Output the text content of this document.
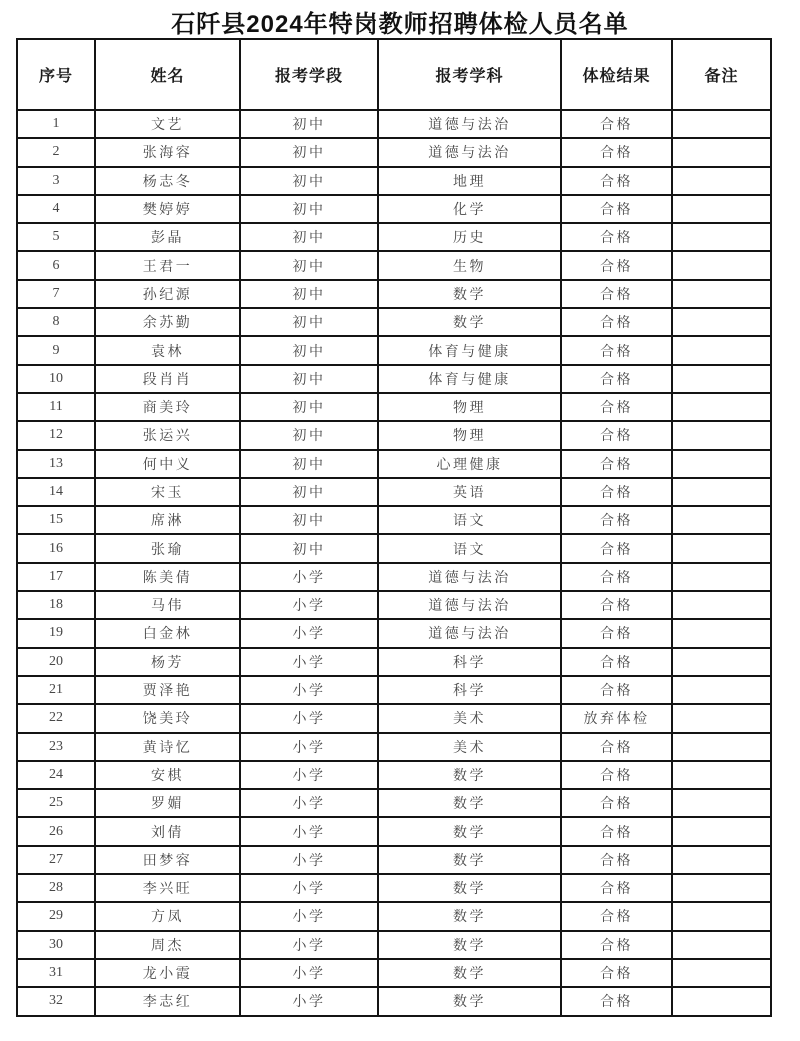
石阡县2024年特岗教师招聘体检人员名单
序号	姓名	报考学段	报考学科	体检结果	备注
1	文艺	初中	道德与法治	合格	
2	张海容	初中	道德与法治	合格	
3	杨志冬	初中	地理	合格	
4	樊婷婷	初中	化学	合格	
5	彭晶	初中	历史	合格	
6	王君一	初中	生物	合格	
7	孙纪源	初中	数学	合格	
8	余苏勤	初中	数学	合格	
9	袁林	初中	体育与健康	合格	
10	段肖肖	初中	体育与健康	合格	
11	商美玲	初中	物理	合格	
12	张运兴	初中	物理	合格	
13	何中义	初中	心理健康	合格	
14	宋玉	初中	英语	合格	
15	席淋	初中	语文	合格	
16	张瑜	初中	语文	合格	
17	陈美倩	小学	道德与法治	合格	
18	马伟	小学	道德与法治	合格	
19	白金林	小学	道德与法治	合格	
20	杨芳	小学	科学	合格	
21	贾泽艳	小学	科学	合格	
22	饶美玲	小学	美术	放弃体检	
23	黄诗忆	小学	美术	合格	
24	安棋	小学	数学	合格	
25	罗媚	小学	数学	合格	
26	刘倩	小学	数学	合格	
27	田梦容	小学	数学	合格	
28	李兴旺	小学	数学	合格	
29	方凤	小学	数学	合格	
30	周杰	小学	数学	合格	
31	龙小霞	小学	数学	合格	
32	李志红	小学	数学	合格	
